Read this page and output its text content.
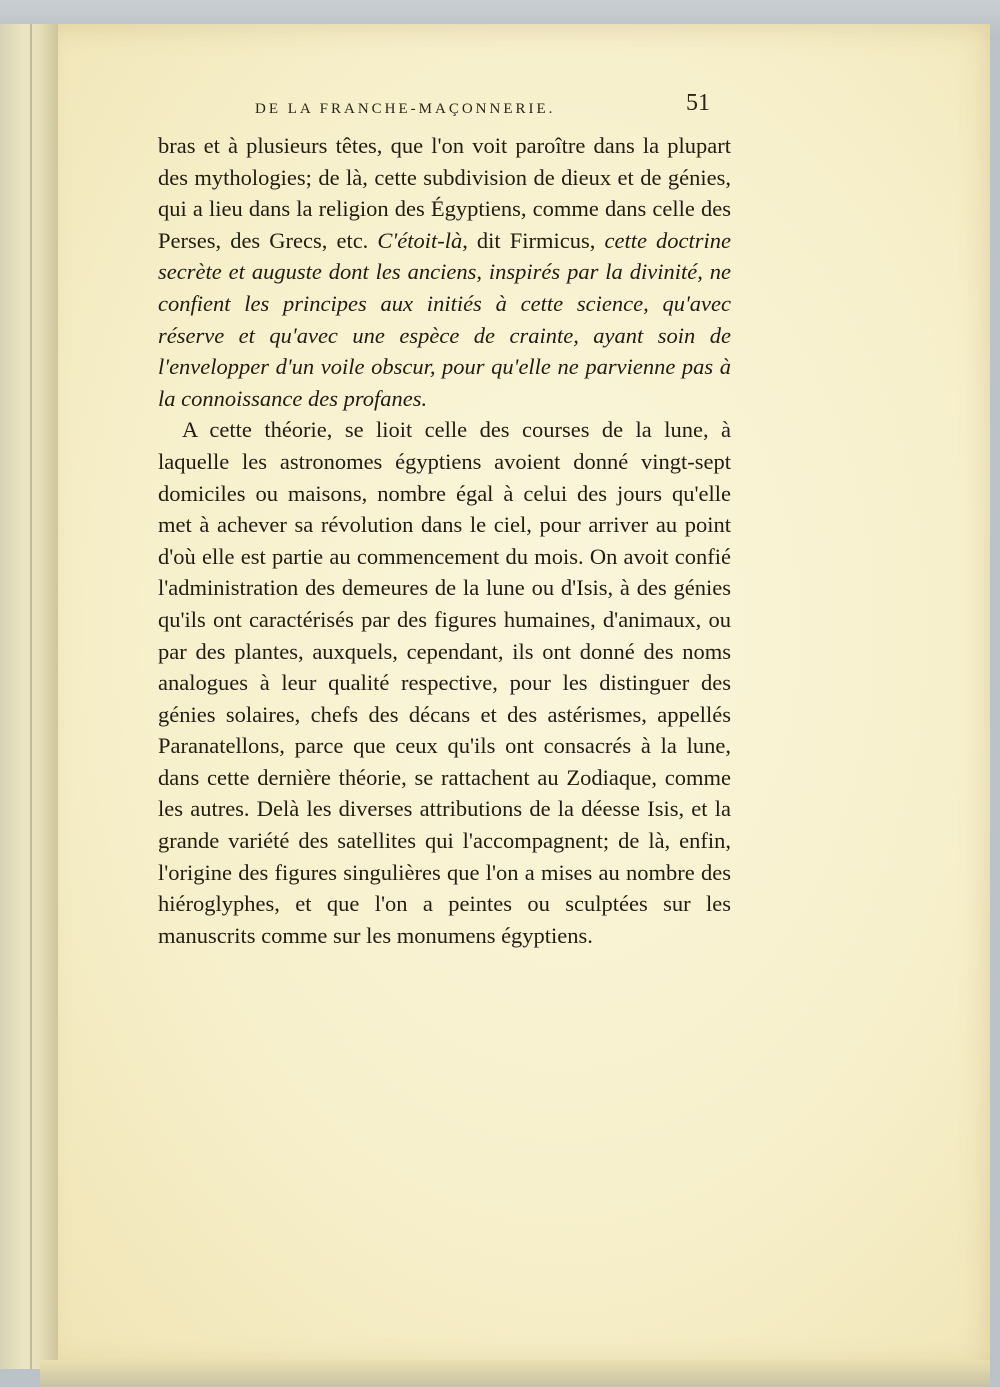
DE LA FRANCHE-MAÇONNERIE.	51

bras et à plusieurs têtes, que l'on voit paroître dans la plupart des mythologies; de là, cette subdivision de dieux et de génies, qui a lieu dans la religion des Égyptiens, comme dans celle des Perses, des Grecs, etc. C'étoit-là, dit Firmicus, cette doctrine secrète et auguste dont les anciens, inspirés par la divinité, ne confient les principes aux initiés à cette science, qu'avec réserve et qu'avec une espèce de crainte, ayant soin de l'envelopper d'un voile obscur, pour qu'elle ne parvienne pas à la connoissance des profanes.

A cette théorie, se lioit celle des courses de la lune, à laquelle les astronomes égyptiens avoient donné vingt-sept domiciles ou maisons, nombre égal à celui des jours qu'elle met à achever sa révolution dans le ciel, pour arriver au point d'où elle est partie au commencement du mois. On avoit confié l'administration des demeures de la lune ou d'Isis, à des génies qu'ils ont caractérisés par des figures humaines, d'animaux, ou par des plantes, auxquels, cependant, ils ont donné des noms analogues à leur qualité respective, pour les distinguer des génies solaires, chefs des décans et des astérismes, appellés Paranatellons, parce que ceux qu'ils ont consacrés à la lune, dans cette dernière théorie, se rattachent au Zodiaque, comme les autres. Delà les diverses attributions de la déesse Isis, et la grande variété des satellites qui l'accompagnent; de là, enfin, l'origine des figures singulières que l'on a mises au nombre des hiéroglyphes, et que l'on a peintes ou sculptées sur les manuscrits comme sur les monumens égyptiens.
